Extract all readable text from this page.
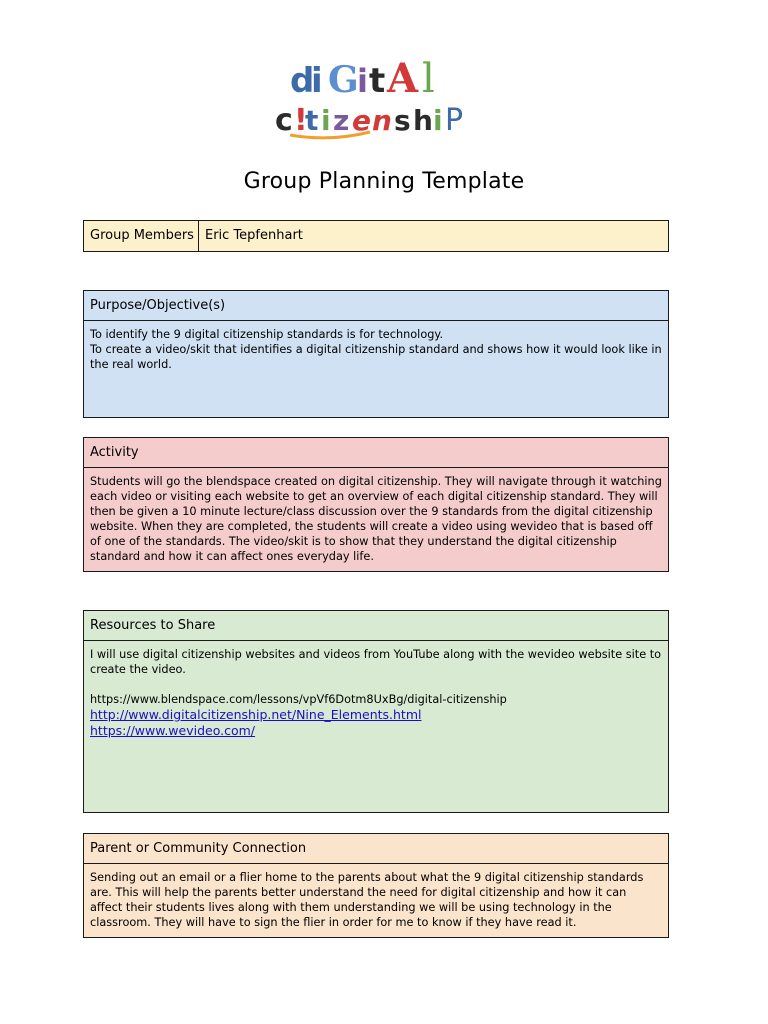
d
i G
i t A l
c !
t i z e n s h i P
Group Planning Template
Group Members Eric Tepfenhart
Purpose/Objective(s)

To identify the 9 digital citizenship standards is for technology.

To create a video/skit that identifies a digital citizenship standard and shows how it would look like in the real world.

Activity

Students will go the blendspace created on digital citizenship. They will navigate through it watching each video or visiting each website to get an overview of each digital citizenship standard. They will then be given a 10 minute lecture/class discussion over the 9 standards from the digital citizenship website. When they are completed, the students will create a video using wevideo that is based off of one of the standards. The video/skit is to show that they understand the digital citizenship standard and how it can affect ones everyday life.

Resources to Share

I will use digital citizenship websites and videos from YouTube along with the wevideo website site to create the video.

https://www.blendspace.com/lessons/vpVf6Dotm8UxBg/digital-citizenship

http://www.digitalcitizenship.net/Nine_Elements.html

https://www.wevideo.com/

Parent or Community Connection

Sending out an email or a flier home to the parents about what the 9 digital citizenship standards are. This will help the parents better understand the need for digital citizenship and how it can affect their students lives along with them understanding we will be using technology in the classroom. They will have to sign the flier in order for me to know if they have read it.
